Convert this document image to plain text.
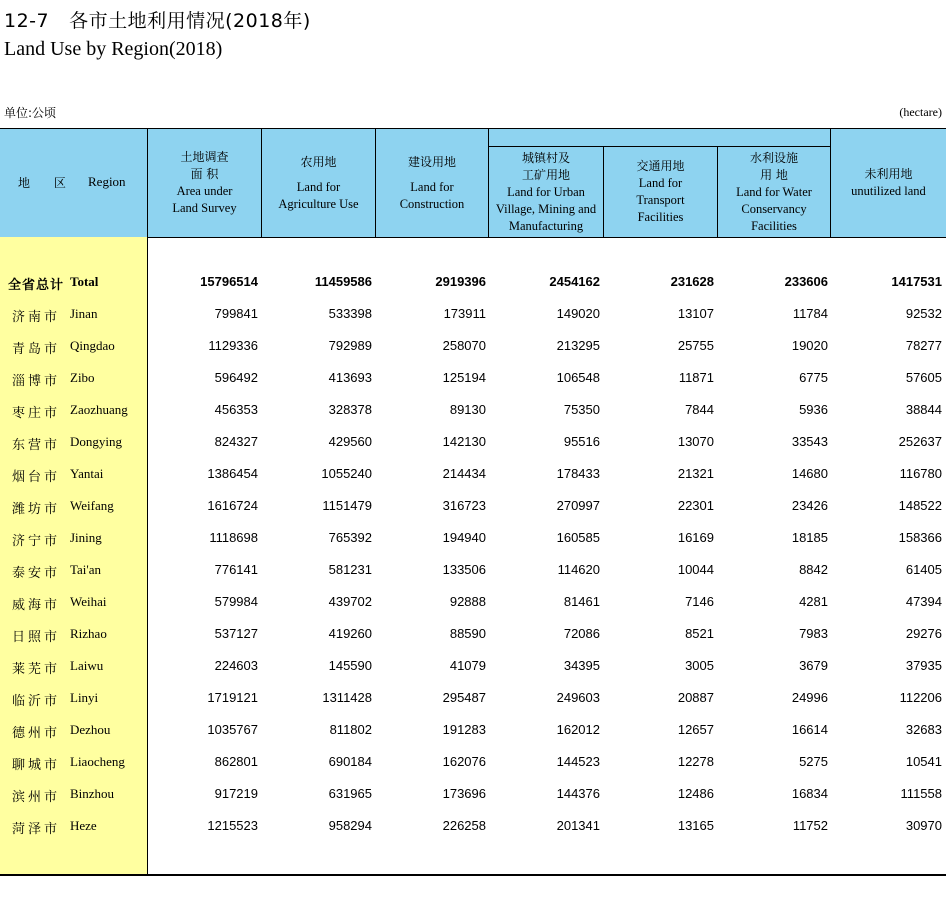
12-7 各市土地利用情况(2018年)
Land Use by Region(2018)
单位:公顷	(hectare)
地 区 Region
土地调查
面 积
Area under
Land Survey
农用地
Land for
Agriculture Use
建设用地
Land for
Construction
城镇村及
工矿用地
Land for Urban
Village, Mining and
Manufacturing
交通用地
Land for
Transport
Facilities
水利设施
用 地
Land for Water
Conservancy
Facilities
未利用地
unutilized land
全省总计 Total	15796514	11459586	2919396	2454162	231628	233606	1417531
济南市 Jinan	799841	533398	173911	149020	13107	11784	92532
青岛市 Qingdao	1129336	792989	258070	213295	25755	19020	78277
淄博市 Zibo	596492	413693	125194	106548	11871	6775	57605
枣庄市 Zaozhuang	456353	328378	89130	75350	7844	5936	38844
东营市 Dongying	824327	429560	142130	95516	13070	33543	252637
烟台市 Yantai	1386454	1055240	214434	178433	21321	14680	116780
潍坊市 Weifang	1616724	1151479	316723	270997	22301	23426	148522
济宁市 Jining	1118698	765392	194940	160585	16169	18185	158366
泰安市 Tai'an	776141	581231	133506	114620	10044	8842	61405
威海市 Weihai	579984	439702	92888	81461	7146	4281	47394
日照市 Rizhao	537127	419260	88590	72086	8521	7983	29276
莱芜市 Laiwu	224603	145590	41079	34395	3005	3679	37935
临沂市 Linyi	1719121	1311428	295487	249603	20887	24996	112206
德州市 Dezhou	1035767	811802	191283	162012	12657	16614	32683
聊城市 Liaocheng	862801	690184	162076	144523	12278	5275	10541
滨州市 Binzhou	917219	631965	173696	144376	12486	16834	111558
菏泽市 Heze	1215523	958294	226258	201341	13165	11752	30970
